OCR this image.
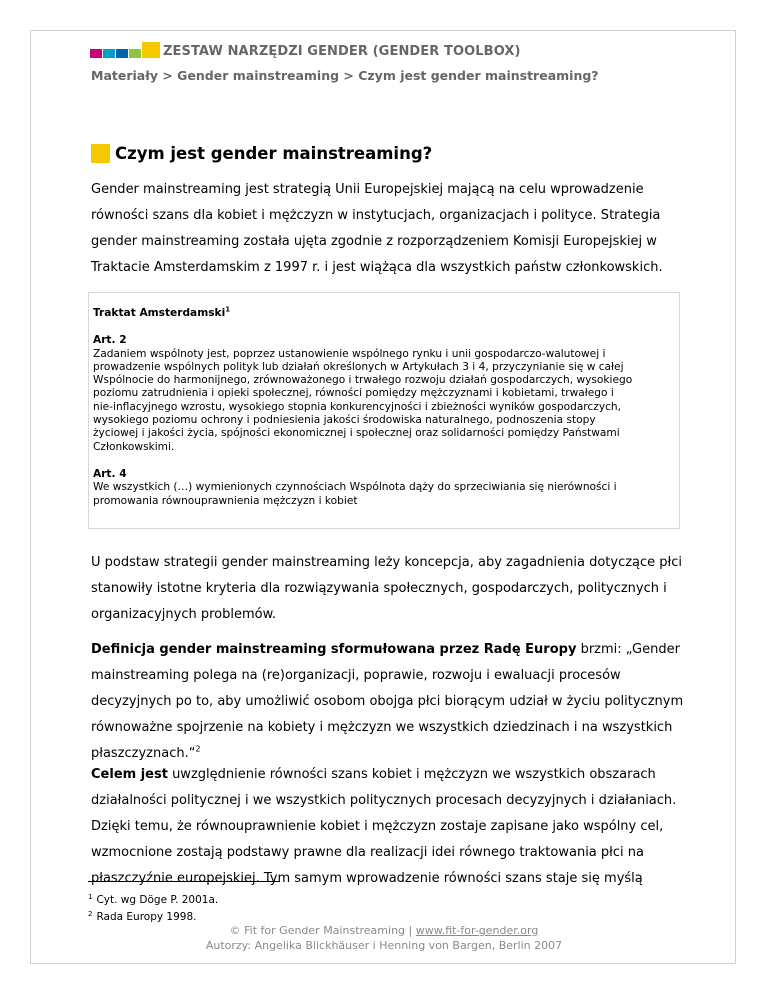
ZESTAW NARZĘDZI GENDER (GENDER TOOLBOX)
Materiały > Gender mainstreaming > Czym jest gender mainstreaming?
Czym jest gender mainstreaming?

Gender mainstreaming jest strategią Unii Europejskiej mającą na celu wprowadzenie
równości szans dla kobiet i mężczyzn w instytucjach, organizacjach i polityce. Strategia
gender mainstreaming została ujęta zgodnie z rozporządzeniem Komisji Europejskiej w
Traktacie Amsterdamskim z 1997 r. i jest wiążąca dla wszystkich państw członkowskich.

Traktat Amsterdamski$^1$
Art. 2
Zadaniem wspólnoty jest, poprzez ustanowienie wspólnego rynku i unii gospodarczo-walutowej i
prowadzenie wspólnych polityk lub działań określonych w Artykułach 3 i 4, przyczynianie się w całej
Wspólnocie do harmonijnego, zrównoważonego i trwałego rozwoju działań gospodarczych, wysokiego
poziomu zatrudnienia i opieki społecznej, równości pomiędzy mężczyznami i kobietami, trwałego i
nie-inflacyjnego wzrostu, wysokiego stopnia konkurencyjności i zbieżności wyników gospodarczych,
wysokiego poziomu ochrony i podniesienia jakości środowiska naturalnego, podnoszenia stopy
życiowej i jakości życia, spójności ekonomicznej i społecznej oraz solidarności pomiędzy Państwami
Członkowskimi.
Art. 4
We wszystkich (…) wymienionych czynnościach Wspólnota dąży do sprzeciwiania się nierówności i
promowania równouprawnienia mężczyzn i kobiet

U podstaw strategii gender mainstreaming leży koncepcja, aby zagadnienia dotyczące płci
stanowiły istotne kryteria dla rozwiązywania społecznych, gospodarczych, politycznych i
organizacyjnych problemów.

Definicja gender mainstreaming sformułowana przez Radę Europy brzmi: „Gender
mainstreaming polega na (re)organizacji, poprawie, rozwoju i ewaluacji procesów
decyzyjnych po to, aby umożliwić osobom obojga płci biorącym udział w życiu politycznym
równoważne spojrzenie na kobiety i mężczyzn we wszystkich dziedzinach i na wszystkich
płaszczyznach.“$^2$

Celem jest uwzględnienie równości szans kobiet i mężczyzn we wszystkich obszarach
działalności politycznej i we wszystkich politycznych procesach decyzyjnych i działaniach.
Dzięki temu, że równouprawnienie kobiet i mężczyzn zostaje zapisane jako wspólny cel,
wzmocnione zostają podstawy prawne dla realizacji idei równego traktowania płci na
płaszczyźnie europejskiej. Tym samym wprowadzenie równości szans staje się myślą

$^1$ Cyt. wg Döge P. 2001a.
$^2$ Rada Europy 1998.
© Fit for Gender Mainstreaming | www.fit-for-gender.org
Autorzy: Angelika Blickhäuser i Henning von Bargen, Berlin 2007
